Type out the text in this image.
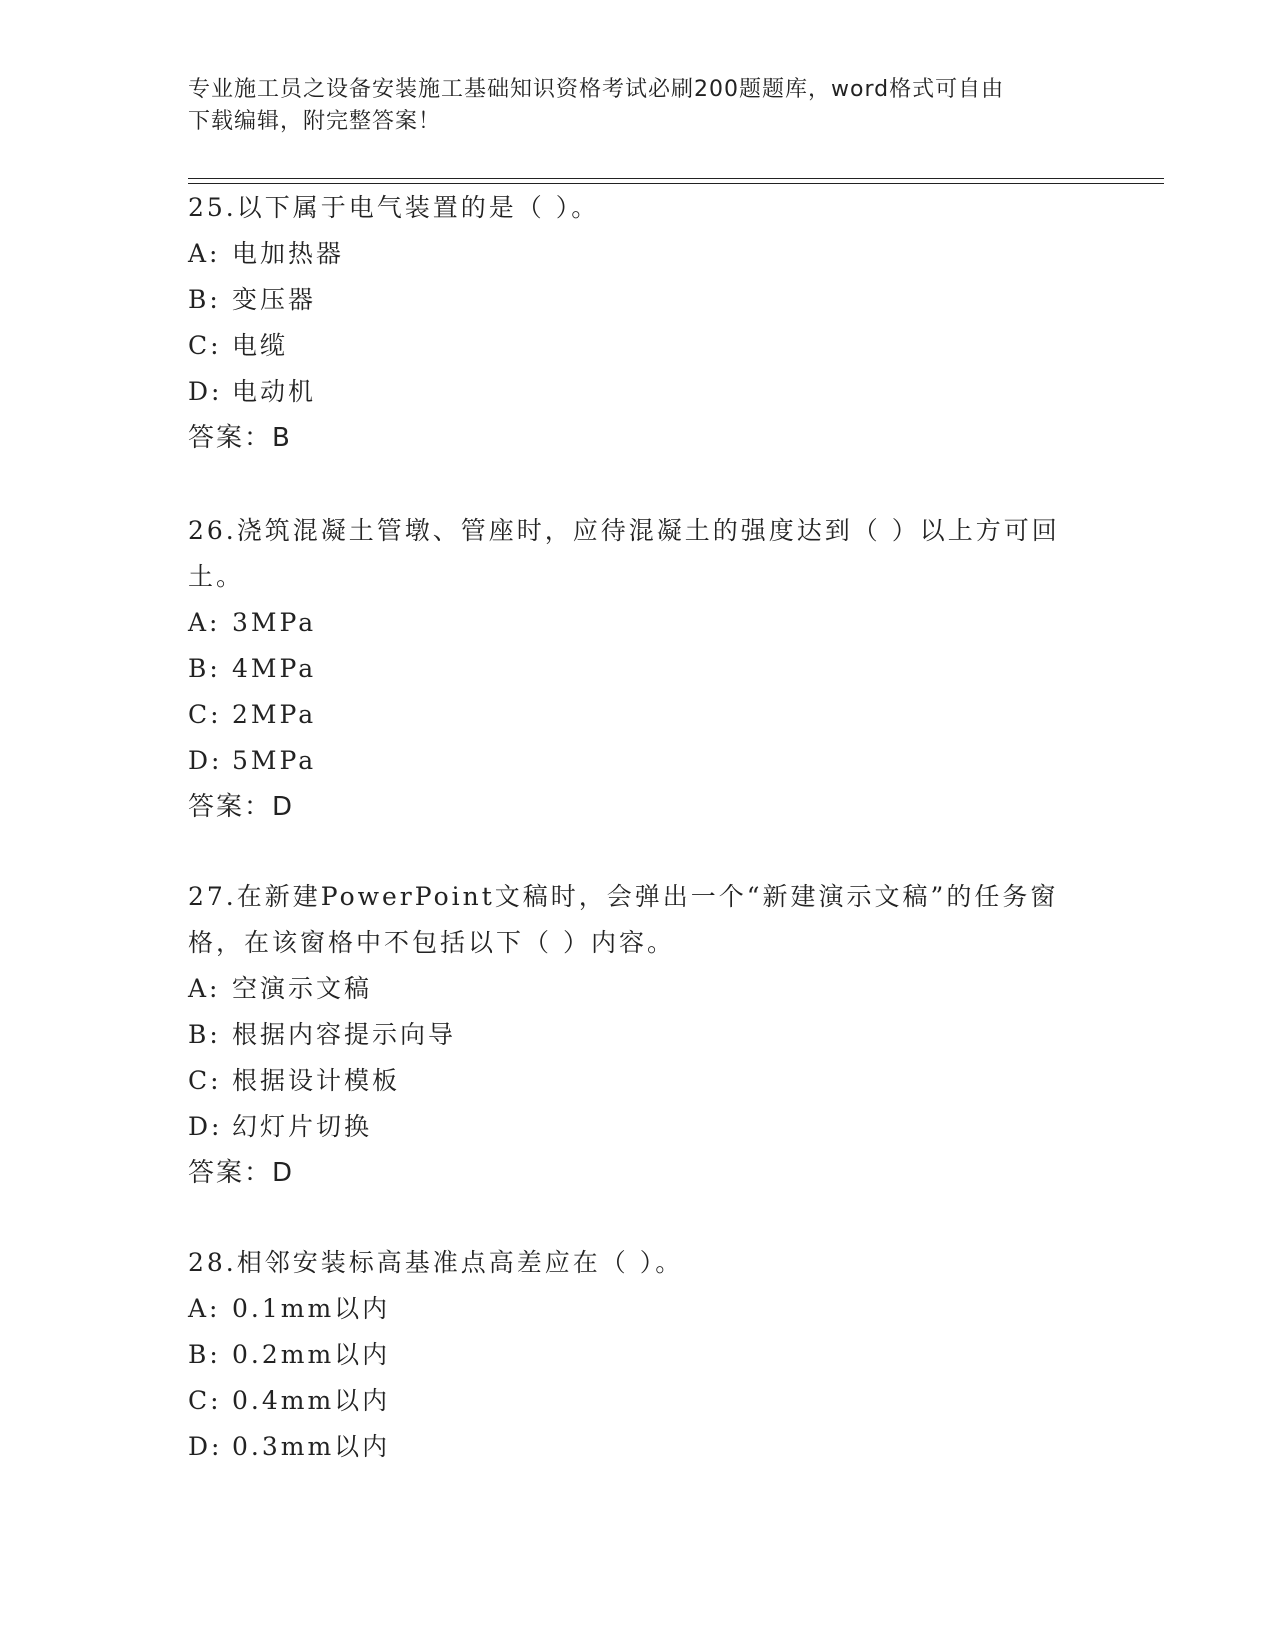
专业施工员之设备安装施工基础知识资格考试必刷200题题库，word格式可自由
下载编辑，附完整答案！
25.以下属于电气装置的是（ ）。
A: 电加热器
B: 变压器
C: 电缆
D: 电动机
答案：B
26.浇筑混凝土管墩、管座时，应待混凝土的强度达到（ ）以上方可回土。
A: 3MPa
B: 4MPa
C: 2MPa
D: 5MPa
答案：D
27.在新建PowerPoint文稿时，会弹出一个“新建演示文稿”的任务窗格，在该窗格中不包括以下（ ）内容。
A: 空演示文稿
B: 根据内容提示向导
C: 根据设计模板
D: 幻灯片切换
答案：D
28.相邻安装标高基准点高差应在（ ）。
A: 0.1mm以内
B: 0.2mm以内
C: 0.4mm以内
D: 0.3mm以内
